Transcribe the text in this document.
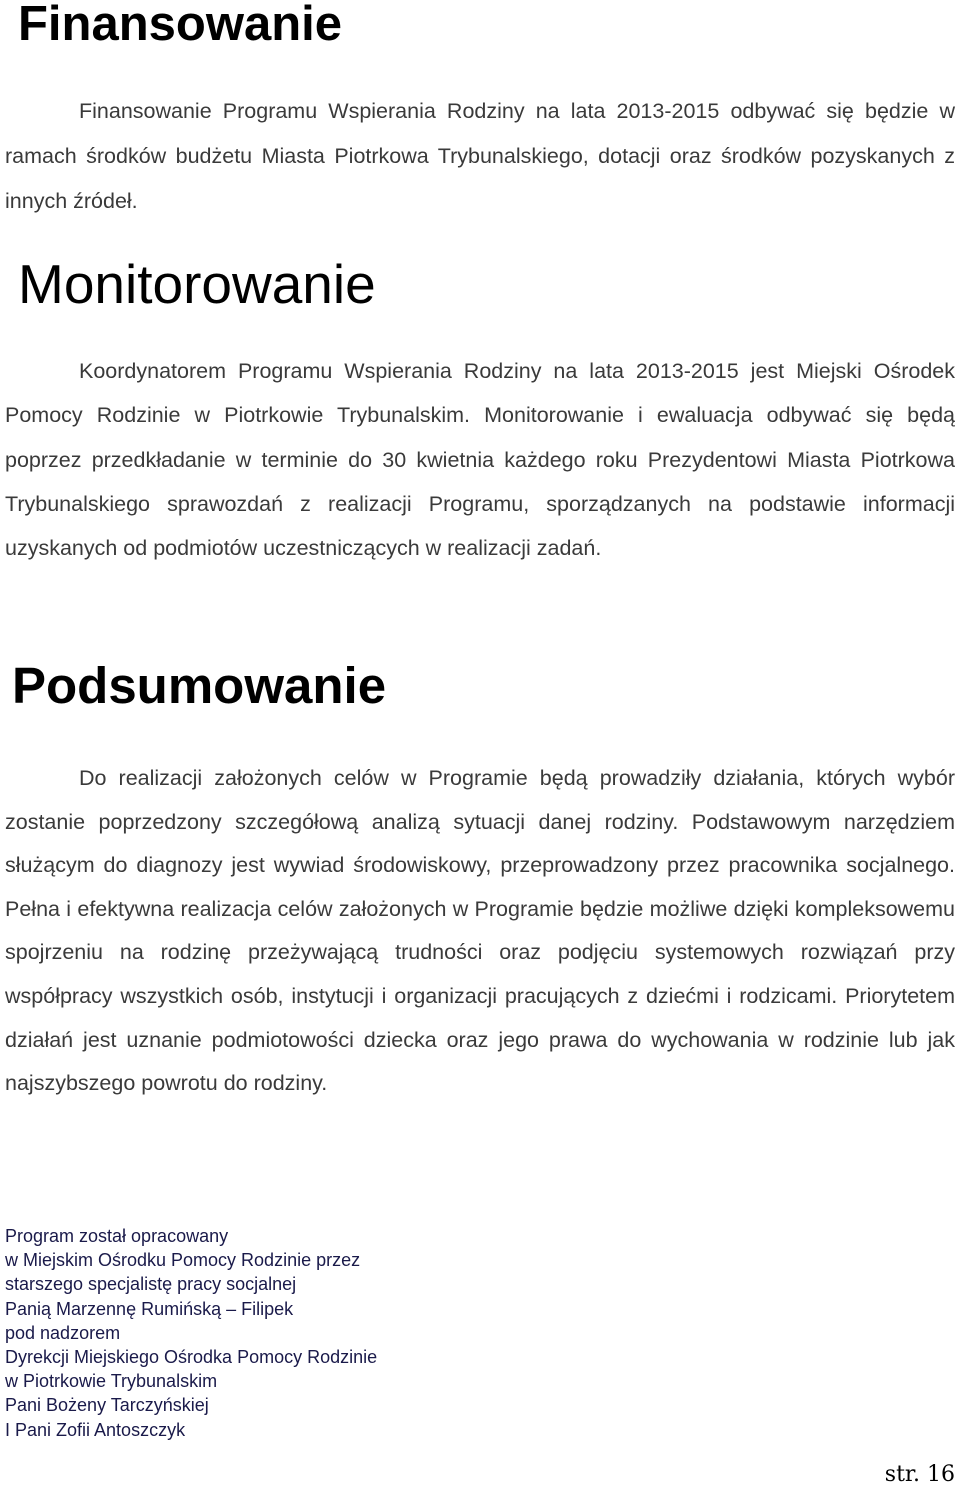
Finansowanie

Finansowanie Programu Wspierania Rodziny na lata 2013-2015 odbywać się będzie w ramach środków budżetu Miasta Piotrkowa Trybunalskiego, dotacji oraz środków pozyskanych z innych źródeł.

Monitorowanie

Koordynatorem Programu Wspierania Rodziny na lata 2013-2015 jest Miejski Ośrodek Pomocy Rodzinie w Piotrkowie Trybunalskim. Monitorowanie i ewaluacja odbywać się będą poprzez przedkładanie w terminie do 30 kwietnia każdego roku Prezydentowi Miasta Piotrkowa Trybunalskiego sprawozdań z realizacji Programu, sporządzanych na podstawie informacji uzyskanych od podmiotów uczestniczących w realizacji zadań.

Podsumowanie

Do realizacji założonych celów w Programie będą prowadziły działania, których wybór zostanie poprzedzony szczegółową analizą sytuacji danej rodziny. Podstawowym narzędziem służącym do diagnozy jest wywiad środowiskowy, przeprowadzony przez pracownika socjalnego. Pełna i efektywna realizacja celów założonych w Programie będzie możliwe dzięki kompleksowemu spojrzeniu na rodzinę przeżywającą trudności oraz podjęciu systemowych rozwiązań przy współpracy wszystkich osób, instytucji i organizacji pracujących z dziećmi i rodzicami. Priorytetem działań jest uznanie podmiotowości dziecka oraz jego prawa do wychowania w rodzinie lub jak najszybszego powrotu do rodziny.

Program został opracowany
w Miejskim Ośrodku Pomocy Rodzinie przez
starszego specjalistę pracy socjalnej
Panią Marzennę Rumińską – Filipek
pod nadzorem
Dyrekcji Miejskiego Ośrodka Pomocy Rodzinie
w Piotrkowie Trybunalskim
Pani Bożeny Tarczyńskiej
I Pani Zofii Antoszczyk
str. 16
